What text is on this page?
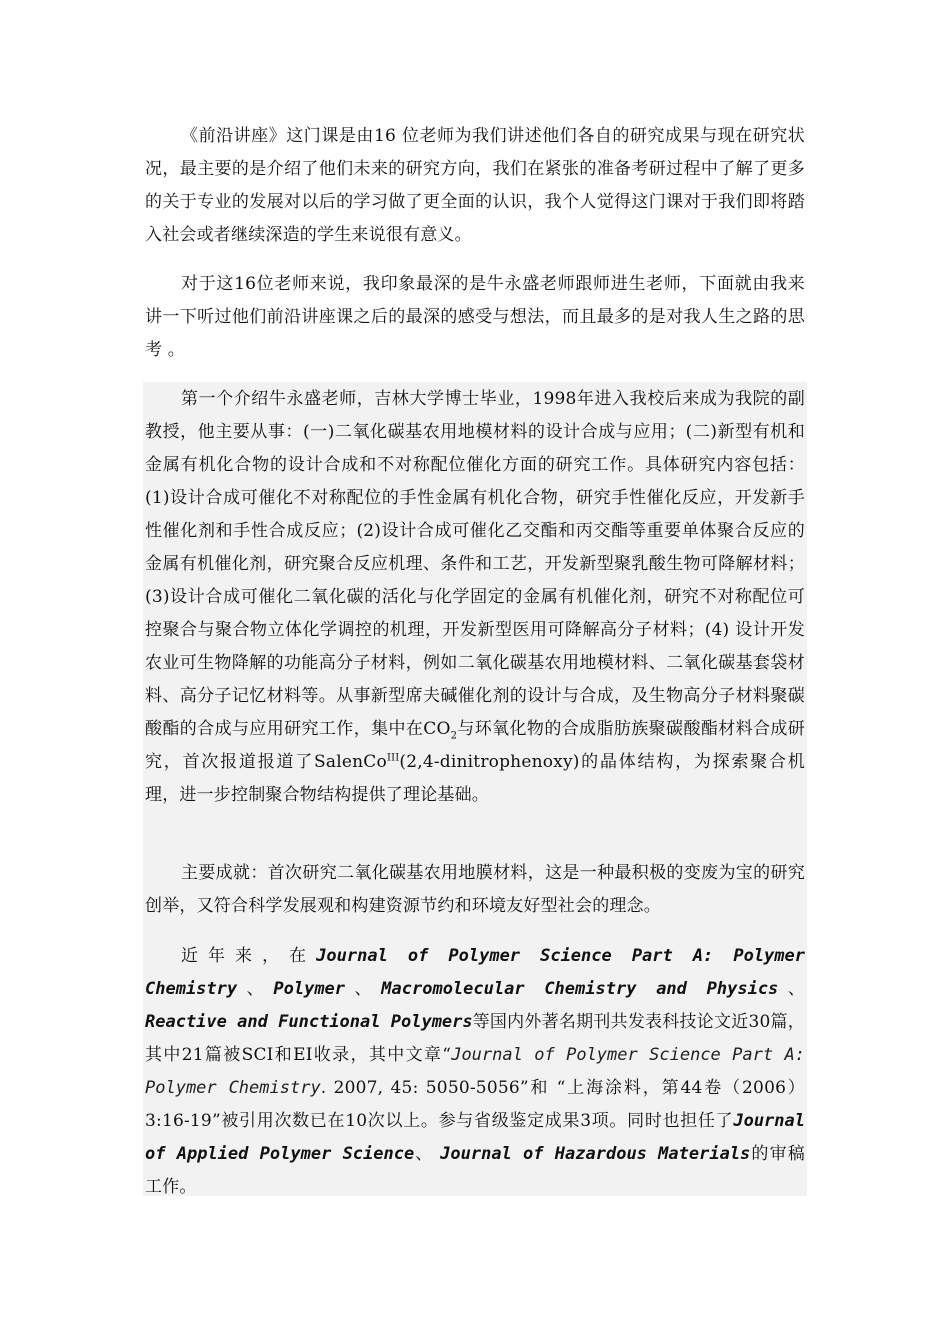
《前沿讲座》这门课是由16 位老师为我们讲述他们各自的研究成果与现在研究状况，最主要的是介绍了他们未来的研究方向，我们在紧张的准备考研过程中了解了更多的关于专业的发展对以后的学习做了更全面的认识，我个人觉得这门课对于我们即将踏入社会或者继续深造的学生来说很有意义。

对于这16位老师来说，我印象最深的是牛永盛老师跟师进生老师，下面就由我来讲一下听过他们前沿讲座课之后的最深的感受与想法，而且最多的是对我人生之路的思考 。

第一个介绍牛永盛老师，吉林大学博士毕业，1998年进入我校后来成为我院的副教授，他主要从事：(一)二氧化碳基农用地模材料的设计合成与应用；(二)新型有机和金属有机化合物的设计合成和不对称配位催化方面的研究工作。具体研究内容包括：(1)设计合成可催化不对称配位的手性金属有机化合物，研究手性催化反应，开发新手性催化剂和手性合成反应；(2)设计合成可催化乙交酯和丙交酯等重要单体聚合反应的金属有机催化剂，研究聚合反应机理、条件和工艺，开发新型聚乳酸生物可降解材料；(3)设计合成可催化二氧化碳的活化与化学固定的金属有机催化剂，研究不对称配位可控聚合与聚合物立体化学调控的机理，开发新型医用可降解高分子材料；(4) 设计开发农业可生物降解的功能高分子材料，例如二氧化碳基农用地模材料、二氧化碳基套袋材料、高分子记忆材料等。从事新型席夫碱催化剂的设计与合成，及生物高分子材料聚碳酸酯的合成与应用研究工作，集中在$CO_2$与环氧化物的合成脂肪族聚碳酸酯材料合成研究，首次报道报道了SalenCo$^{III}$(2,4-dinitrophenoxy)的晶体结构，为探索聚合机理，进一步控制聚合物结构提供了理论基础。

主要成就：首次研究二氧化碳基农用地膜材料，这是一种最积极的变废为宝的研究创举，又符合科学发展观和构建资源节约和环境友好型社会的理念。

近年来，在Journal of Polymer Science Part A: Polymer Chemistry、Polymer、Macromolecular Chemistry and Physics、Reactive and Functional Polymers等国内外著名期刊共发表科技论文近30篇，其中21篇被SCI和EI收录，其中文章“Journal of Polymer Science Part A: Polymer Chemistry. 2007, 45: 5050-5056”和 “上海涂料，第44卷（2006）3:16-19”被引用次数已在10次以上。参与省级鉴定成果3项。同时也担任了Journal of Applied Polymer Science、 Journal of Hazardous Materials的审稿工作。
